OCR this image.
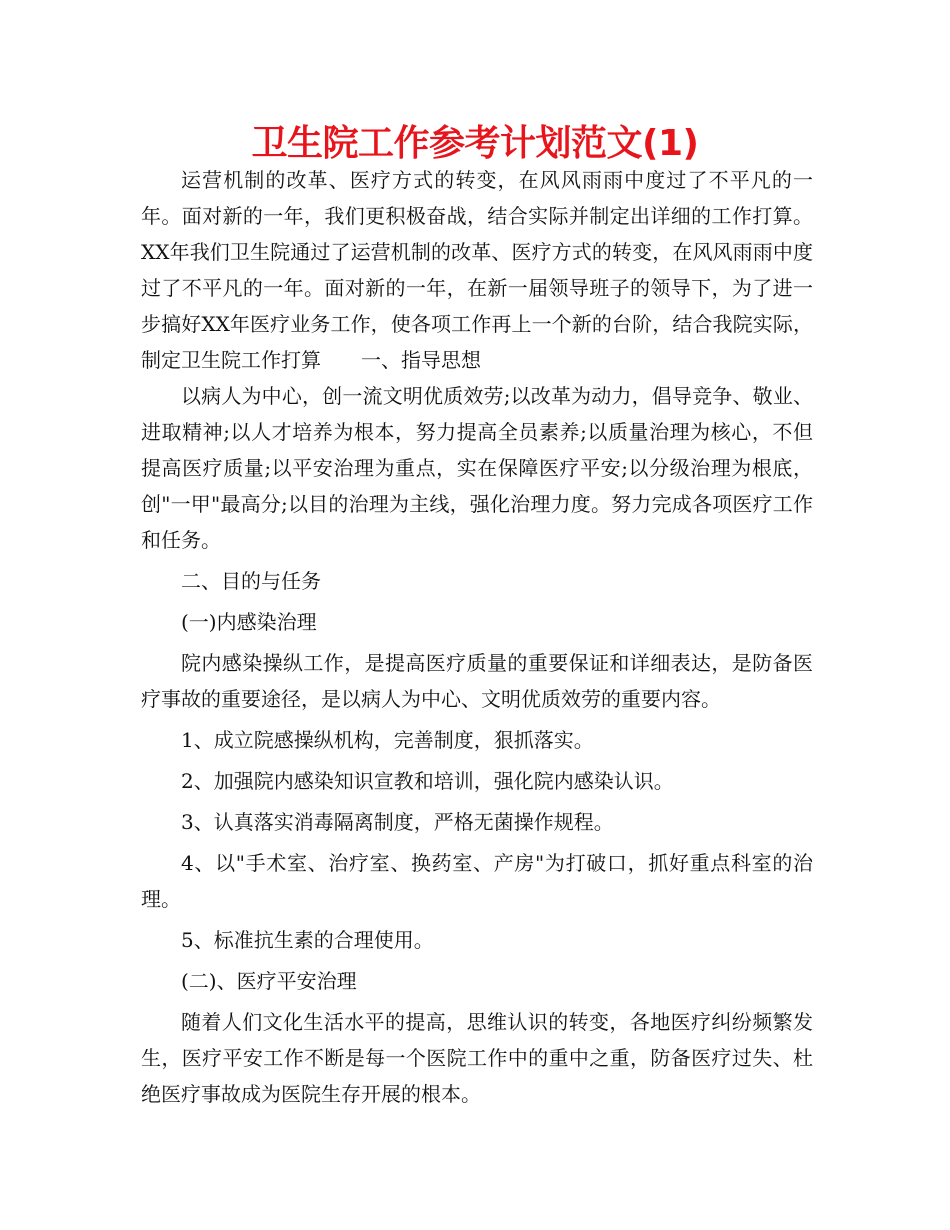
卫生院工作参考计划范文(1)

运营机制的改革、医疗方式的转变，在风风雨雨中度过了不平凡的一年。面对新的一年，我们更积极奋战，结合实际并制定出详细的工作打算。XX年我们卫生院通过了运营机制的改革、医疗方式的转变，在风风雨雨中度过了不平凡的一年。面对新的一年，在新一届领导班子的领导下，为了进一步搞好XX年医疗业务工作，使各项工作再上一个新的台阶，结合我院实际，制定卫生院工作打算　　一、指导思想

以病人为中心，创一流文明优质效劳;以改革为动力，倡导竞争、敬业、进取精神;以人才培养为根本，努力提高全员素养;以质量治理为核心，不但提高医疗质量;以平安治理为重点，实在保障医疗平安;以分级治理为根底，创"一甲"最高分;以目的治理为主线，强化治理力度。努力完成各项医疗工作和任务。

二、目的与任务

(一)内感染治理

院内感染操纵工作，是提高医疗质量的重要保证和详细表达，是防备医疗事故的重要途径，是以病人为中心、文明优质效劳的重要内容。

1、成立院感操纵机构，完善制度，狠抓落实。

2、加强院内感染知识宣教和培训，强化院内感染认识。

3、认真落实消毒隔离制度，严格无菌操作规程。

4、以"手术室、治疗室、换药室、产房"为打破口，抓好重点科室的治理。

5、标准抗生素的合理使用。

(二)、医疗平安治理

随着人们文化生活水平的提高，思维认识的转变，各地医疗纠纷频繁发生，医疗平安工作不断是每一个医院工作中的重中之重，防备医疗过失、杜绝医疗事故成为医院生存开展的根本。
